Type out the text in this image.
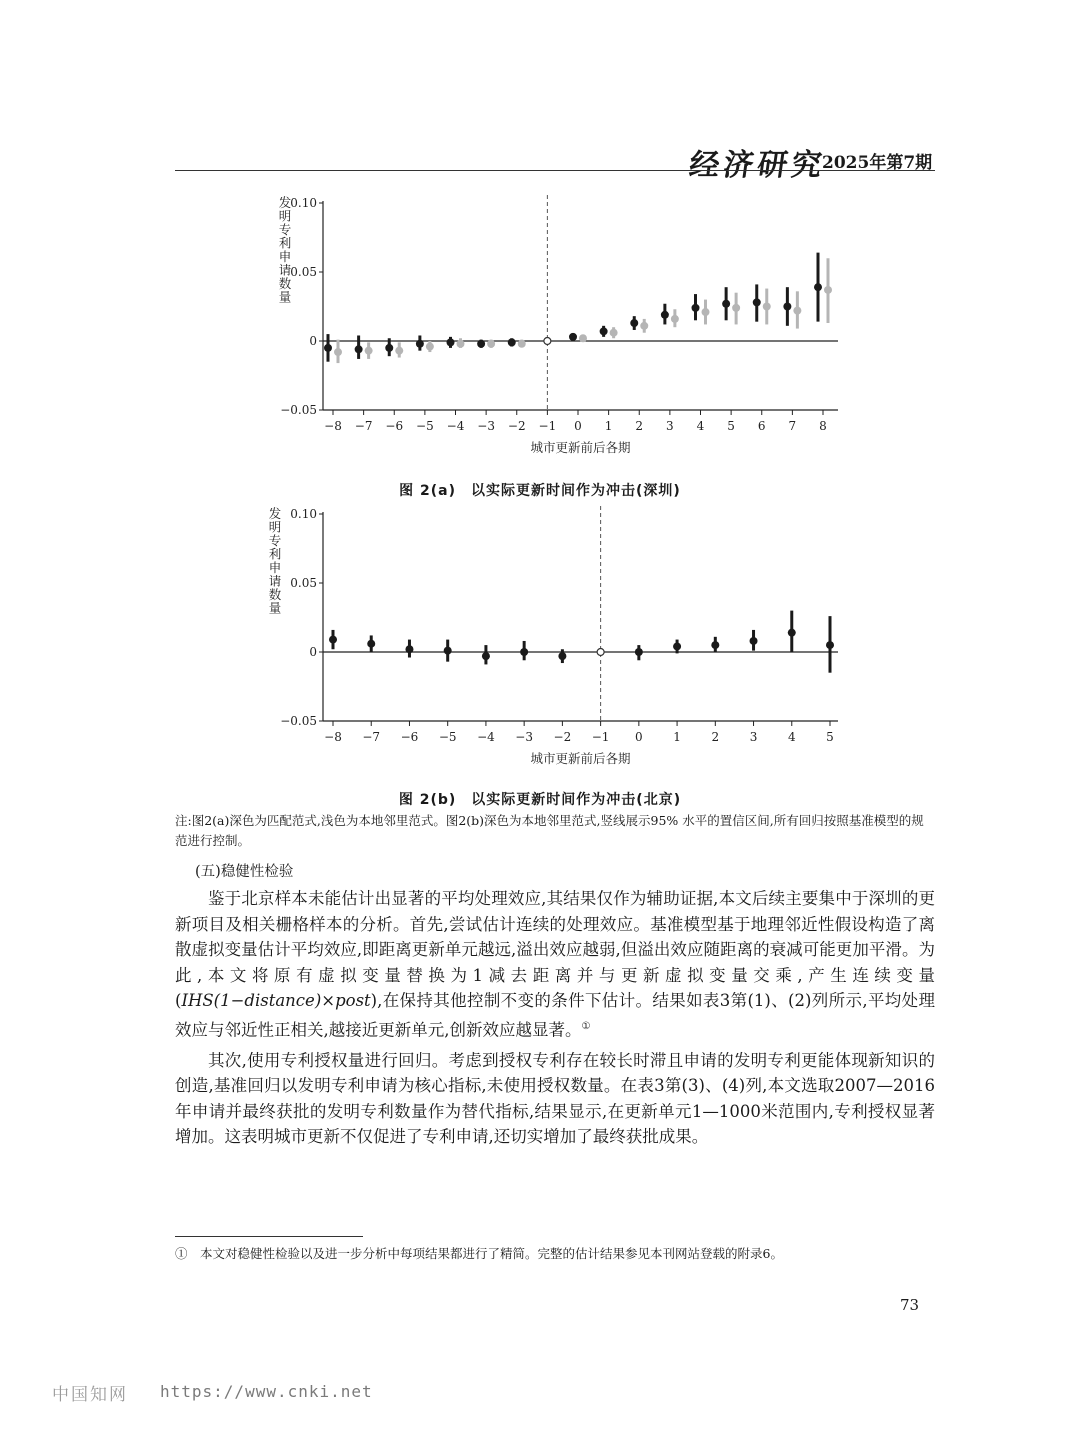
经济研究
2025年第7期
0.10
0.05
0
−0.05
发
明
专
利
申
请
数
量
−8 −7 −6 −5 −4 −3 −2 −1 0 1 2 3 4 5 6 7 8
城市更新前后各期
图 2(a)　以实际更新时间作为冲击(深圳)
0.10
0.05
0
−0.05
发
明
专
利
申
请
数
量
−8 −7 −6 −5 −4 −3 −2 −1 0	1	2	3	4	5
城市更新前后各期
图 2(b)　以实际更新时间作为冲击(北京)
注:图2(a)深色为匹配范式,浅色为本地邻里范式。图2(b)深色为本地邻里范式,竖线展示95% 水平的置信区间,所有回归按照基准模型的规范进行控制。
(五)稳健性检验

鉴于北京样本未能估计出显著的平均处理效应,其结果仅作为辅助证据,本文后续主要集中于深圳的更新项目及相关栅格样本的分析。首先,尝试估计连续的处理效应。基准模型基于地理邻近性假设构造了离散虚拟变量估计平均效应,即距离更新单元越远,溢出效应越弱,但溢出效应随距离的衰减可能更加平滑。为此,本文将原有虚拟变量替换为1减去距离并与更新虚拟变量交乘,产生连续变量(IHS(1−distance)×post),在保持其他控制不变的条件下估计。结果如表3第(1)、(2)列所示,平均处理效应与邻近性正相关,越接近更新单元,创新效应越显著。①

其次,使用专利授权量进行回归。考虑到授权专利存在较长时滞且申请的发明专利更能体现新知识的创造,基准回归以发明专利申请为核心指标,未使用授权数量。在表3第(3)、(4)列,本文选取2007—2016年申请并最终获批的发明专利数量作为替代指标,结果显示,在更新单元1—1000米范围内,专利授权显著增加。这表明城市更新不仅促进了专利申请,还切实增加了最终获批成果。

①　本文对稳健性检验以及进一步分析中每项结果都进行了精简。完整的估计结果参见本刊网站登载的附录6。
73
中国知网 https://www.cnki.net
